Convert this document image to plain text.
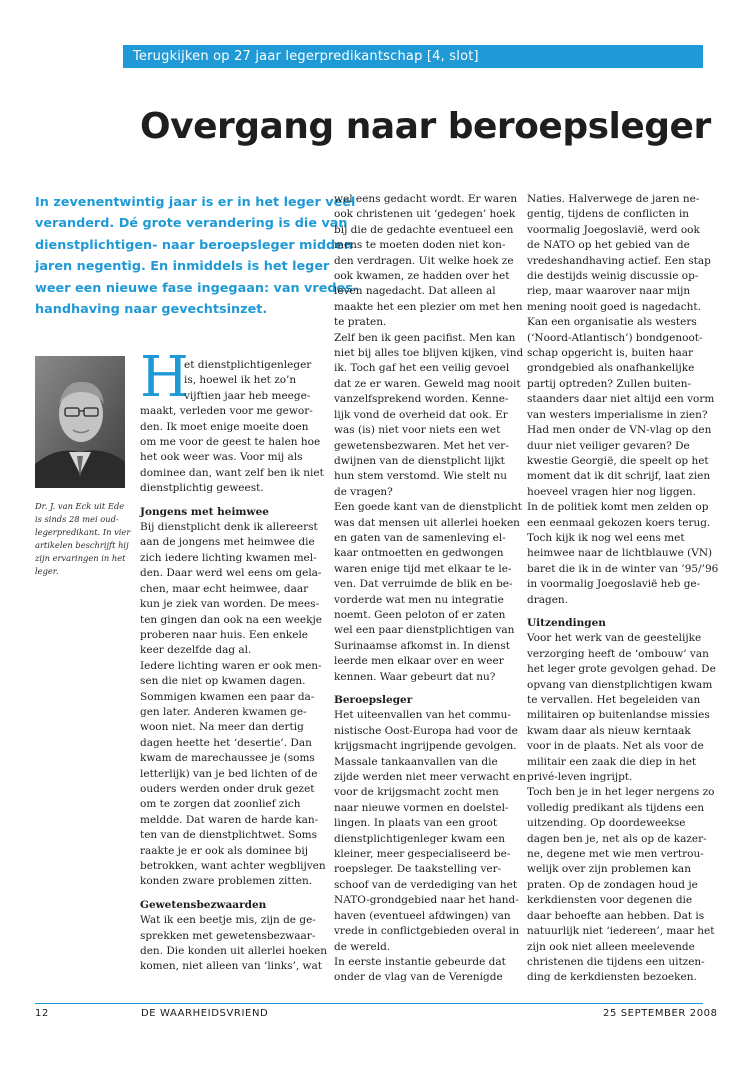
Terugkijken op 27 jaar legerpredikantschap [4, slot]
Overgang naar beroepsleger
In zevenentwintig jaar is er in het leger veel
veranderd. Dé grote verandering is die van
dienstplichtigen- naar beroepsleger midden
jaren negentig. En inmiddels is het leger
weer een nieuwe fase ingegaan: van vredes-
handhaving naar gevechtsinzet.
Dr. J. van Eck uit Ede
is sinds 28 mei oud-
legerpredikant. In vier
artikelen beschrijft hij
zijn ervaringen in het
leger.
H
et dienstplichtigenleger
is, hoewel ik het zo’n
vijftien jaar heb meege-
maakt, verleden voor me gewor-
den. Ik moet enige moeite doen
om me voor de geest te halen hoe
het ook weer was. Voor mij als
dominee dan, want zelf ben ik niet
dienstplichtig geweest.
Jongens met heimwee
Bij dienstplicht denk ik allereerst
aan de jongens met heimwee die
zich iedere lichting kwamen mel-
den. Daar werd wel eens om gela-
chen, maar echt heimwee, daar
kun je ziek van worden. De mees-
ten gingen dan ook na een weekje
proberen naar huis. Een enkele
keer dezelfde dag al.
Iedere lichting waren er ook men-
sen die niet op kwamen dagen.
Sommigen kwamen een paar da-
gen later. Anderen kwamen ge-
woon niet. Na meer dan dertig
dagen heette het ‘desertie’. Dan
kwam de marechaussee je (soms
letterlijk) van je bed lichten of de
ouders werden onder druk gezet
om te zorgen dat zoonlief zich
meldde. Dat waren de harde kan-
ten van de dienstplichtwet. Soms
raakte je er ook als dominee bij
betrokken, want achter wegblijven
konden zware problemen zitten.
Gewetensbezwaarden
Wat ik een beetje mis, zijn de ge-
sprekken met gewetensbezwaar-
den. Die konden uit allerlei hoeken
komen, niet alleen van ‘links’, wat
wel eens gedacht wordt. Er waren
ook christenen uit ‘gedegen’ hoek
bij die de gedachte eventueel een
mens te moeten doden niet kon-
den verdragen. Uit welke hoek ze
ook kwamen, ze hadden over het
leven nagedacht. Dat alleen al
maakte het een plezier om met hen
te praten.
Zelf ben ik geen pacifist. Men kan
niet bij alles toe blijven kijken, vind
ik. Toch gaf het een veilig gevoel
dat ze er waren. Geweld mag nooit
vanzelfsprekend worden. Kenne-
lijk vond de overheid dat ook. Er
was (is) niet voor niets een wet
gewetensbezwaren. Met het ver-
dwijnen van de dienstplicht lijkt
hun stem verstomd. Wie stelt nu
de vragen?
Een goede kant van de dienstplicht
was dat mensen uit allerlei hoeken
en gaten van de samenleving el-
kaar ontmoetten en gedwongen
waren enige tijd met elkaar te le-
ven. Dat verruimde de blik en be-
vorderde wat men nu integratie
noemt. Geen peloton of er zaten
wel een paar dienstplichtigen van
Surinaamse afkomst in. In dienst
leerde men elkaar over en weer
kennen. Waar gebeurt dat nu?
Beroepsleger
Het uiteenvallen van het commu-
nistische Oost-Europa had voor de
krijgsmacht ingrijpende gevolgen.
Massale tankaanvallen van die
zijde werden niet meer verwacht en
voor de krijgsmacht zocht men
naar nieuwe vormen en doelstel-
lingen. In plaats van een groot
dienstplichtigenleger kwam een
kleiner, meer gespecialiseerd be-
roepsleger. De taakstelling ver-
schoof van de verdediging van het
NATO-grondgebied naar het hand-
haven (eventueel afdwingen) van
vrede in conflictgebieden overal in
de wereld.
In eerste instantie gebeurde dat
onder de vlag van de Verenigde
Naties. Halverwege de jaren ne-
gentig, tijdens de conflicten in
voormalig Joegoslavië, werd ook
de NATO op het gebied van de
vredeshandhaving actief. Een stap
die destijds weinig discussie op-
riep, maar waarover naar mijn
mening nooit goed is nagedacht.
Kan een organisatie als westers
(‘Noord-Atlantisch’) bondgenoot-
schap opgericht is, buiten haar
grondgebied als onafhankelijke
partij optreden? Zullen buiten-
staanders daar niet altijd een vorm
van westers imperialisme in zien?
Had men onder de VN-vlag op den
duur niet veiliger gevaren? De
kwestie Georgië, die speelt op het
moment dat ik dit schrijf, laat zien
hoeveel vragen hier nog liggen.
In de politiek komt men zelden op
een eenmaal gekozen koers terug.
Toch kijk ik nog wel eens met
heimwee naar de lichtblauwe (VN)
baret die ik in de winter van ’95/’96
in voormalig Joegoslavië heb ge-
dragen.
Uitzendingen
Voor het werk van de geestelijke
verzorging heeft de ‘ombouw’ van
het leger grote gevolgen gehad. De
opvang van dienstplichtigen kwam
te vervallen. Het begeleiden van
militairen op buitenlandse missies
kwam daar als nieuw kerntaak
voor in de plaats. Net als voor de
militair een zaak die diep in het
privé-leven ingrijpt.
Toch ben je in het leger nergens zo
volledig predikant als tijdens een
uitzending. Op doordeweekse
dagen ben je, net als op de kazer-
ne, degene met wie men vertrou-
welijk over zijn problemen kan
praten. Op de zondagen houd je
kerkdiensten voor degenen die
daar behoefte aan hebben. Dat is
natuurlijk niet ‘iedereen’, maar het
zijn ook niet alleen meelevende
christenen die tijdens een uitzen-
ding de kerkdiensten bezoeken.
12	DE WAARHEIDSVRIEND	25 SEPTEMBER 2008
